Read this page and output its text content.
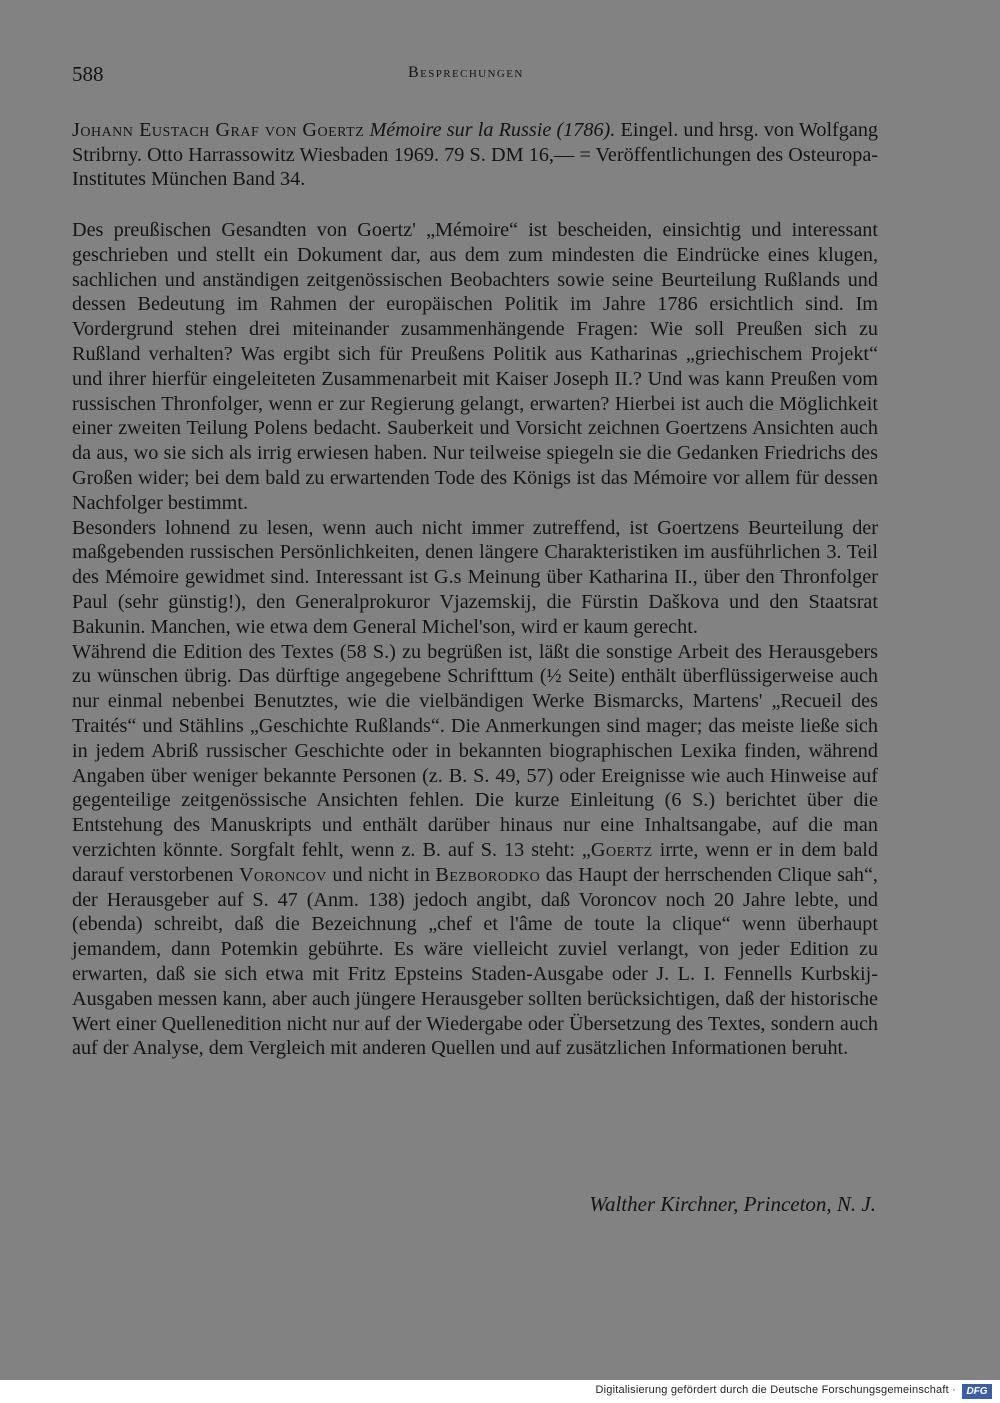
588	Besprechungen
Johann Eustach Graf von Goertz Mémoire sur la Russie (1786). Eingel. und hrsg. von Wolfgang Stribrny. Otto Harrassowitz Wiesbaden 1969. 79 S. DM 16,— = Veröffentlichungen des Osteuropa-Institutes München Band 34.

Des preußischen Gesandten von Goertz' „Mémoire“ ist bescheiden, einsichtig und interessant geschrieben und stellt ein Dokument dar, aus dem zum mindesten die Eindrücke eines klugen, sachlichen und anständigen zeitgenössischen Beobachters sowie seine Beurteilung Rußlands und dessen Bedeutung im Rahmen der europäischen Politik im Jahre 1786 ersichtlich sind. Im Vordergrund stehen drei miteinander zusammenhängende Fragen: Wie soll Preußen sich zu Rußland verhalten? Was ergibt sich für Preußens Politik aus Katharinas „griechischem Projekt“ und ihrer hierfür eingeleiteten Zusammenarbeit mit Kaiser Joseph II.? Und was kann Preußen vom russischen Thronfolger, wenn er zur Regierung gelangt, erwarten? Hierbei ist auch die Möglichkeit einer zweiten Teilung Polens bedacht. Sauberkeit und Vorsicht zeichnen Goertzens Ansichten auch da aus, wo sie sich als irrig erwiesen haben. Nur teilweise spiegeln sie die Gedanken Friedrichs des Großen wider; bei dem bald zu erwartenden Tode des Königs ist das Mémoire vor allem für dessen Nachfolger bestimmt.

Besonders lohnend zu lesen, wenn auch nicht immer zutreffend, ist Goertzens Beurteilung der maßgebenden russischen Persönlichkeiten, denen längere Charakteristiken im ausführlichen 3. Teil des Mémoire gewidmet sind. Interessant ist G.s Meinung über Katharina II., über den Thronfolger Paul (sehr günstig!), den Generalprokuror Vjazemskij, die Fürstin Daškova und den Staatsrat Bakunin. Manchen, wie etwa dem General Michel'son, wird er kaum gerecht.

Während die Edition des Textes (58 S.) zu begrüßen ist, läßt die sonstige Arbeit des Herausgebers zu wünschen übrig. Das dürftige angegebene Schrifttum (½ Seite) enthält überflüssigerweise auch nur einmal nebenbei Benutztes, wie die vielbändigen Werke Bismarcks, Martens' „Recueil des Traités“ und Stählins „Geschichte Rußlands“. Die Anmerkungen sind mager; das meiste ließe sich in jedem Abriß russischer Geschichte oder in bekannten biographischen Lexika finden, während Angaben über weniger bekannte Personen (z. B. S. 49, 57) oder Ereignisse wie auch Hinweise auf gegenteilige zeitgenössische Ansichten fehlen. Die kurze Einleitung (6 S.) berichtet über die Entstehung des Manuskripts und enthält darüber hinaus nur eine Inhaltsangabe, auf die man verzichten könnte. Sorgfalt fehlt, wenn z. B. auf S. 13 steht: „Goertz irrte, wenn er in dem bald darauf verstorbenen Voroncov und nicht in Bezborodko das Haupt der herrschenden Clique sah“, der Herausgeber auf S. 47 (Anm. 138) jedoch angibt, daß Voroncov noch 20 Jahre lebte, und (ebenda) schreibt, daß die Bezeichnung „chef et l'âme de toute la clique“ wenn überhaupt jemandem, dann Potemkin gebührte. Es wäre vielleicht zuviel verlangt, von jeder Edition zu erwarten, daß sie sich etwa mit Fritz Epsteins Staden-Ausgabe oder J. L. I. Fennells Kurbskij-Ausgaben messen kann, aber auch jüngere Herausgeber sollten berücksichtigen, daß der historische Wert einer Quellenedition nicht nur auf der Wiedergabe oder Übersetzung des Textes, sondern auch auf der Analyse, dem Vergleich mit anderen Quellen und auf zusätzlichen Informationen beruht.

Walther Kirchner, Princeton, N. J.
Digitalisierung gefördert durch die Deutsche Forschungsgemeinschaft ·	DFG
